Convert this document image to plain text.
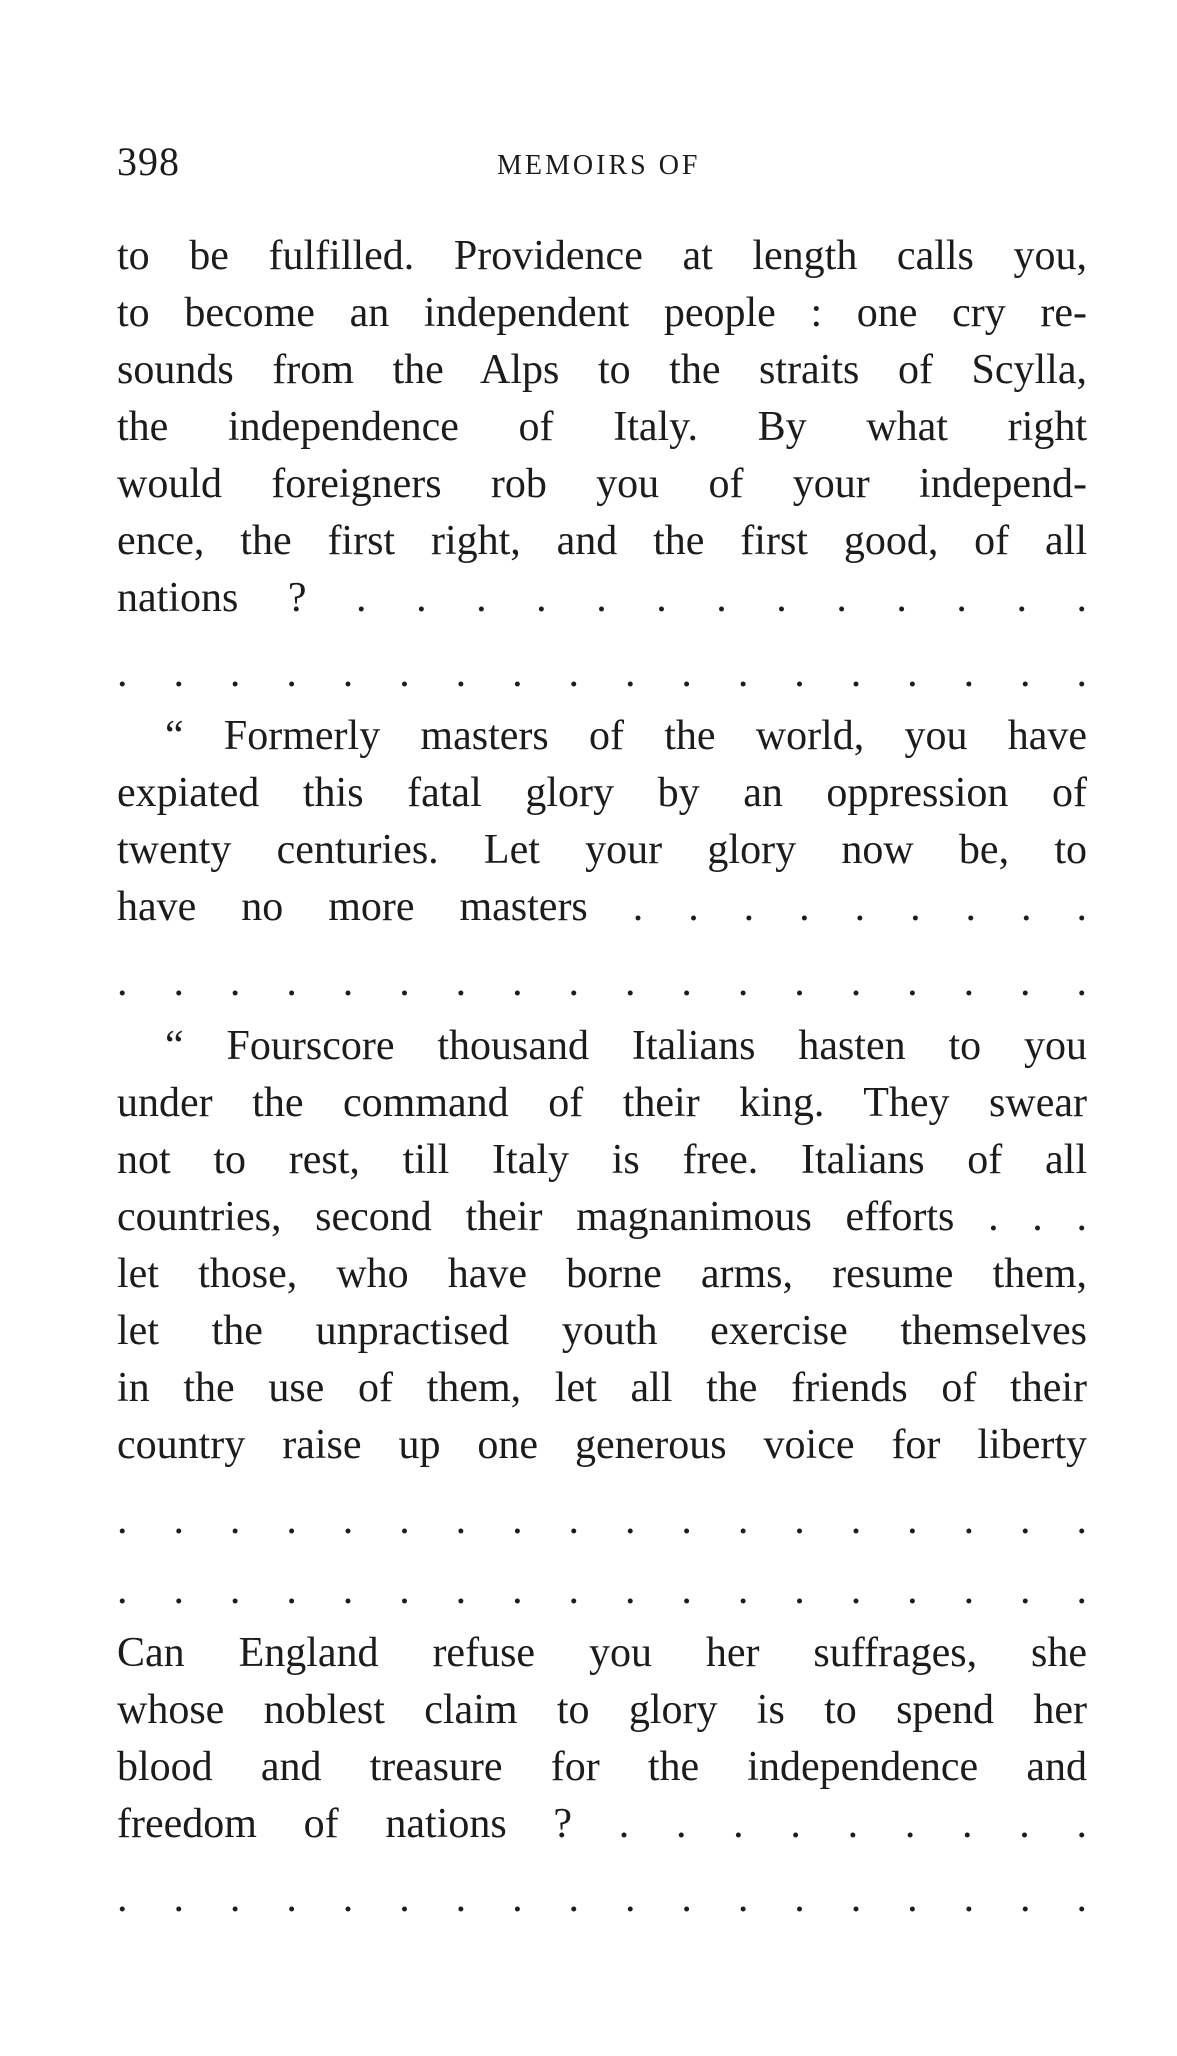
398	MEMOIRS OF
to be fulfilled. Providence at length calls you,
to become an independent people : one cry re-
sounds from the Alps to the straits of Scylla,
the independence of Italy. By what right
would foreigners rob you of your independ-
ence, the first right, and the first good, of all
nations ? . . . . . . . . . . . . .
. . . . . . . . . . . . . . . . . .
“ Formerly masters of the world, you have
expiated this fatal glory by an oppression of
twenty centuries. Let your glory now be, to
have no more masters . . . . . . . . .
. . . . . . . . . . . . . . . . . .
“ Fourscore thousand Italians hasten to you
under the command of their king. They swear
not to rest, till Italy is free. Italians of all
countries, second their magnanimous efforts . . .
let those, who have borne arms, resume them,
let the unpractised youth exercise themselves
in the use of them, let all the friends of their
country raise up one generous voice for liberty
. . . . . . . . . . . . . . . . . .
. . . . . . . . . . . . . . . . . .
Can England refuse you her suffrages, she
whose noblest claim to glory is to spend her
blood and treasure for the independence and
freedom of nations ? . . . . . . . . .
. . . . . . . . . . . . . . . . . .
